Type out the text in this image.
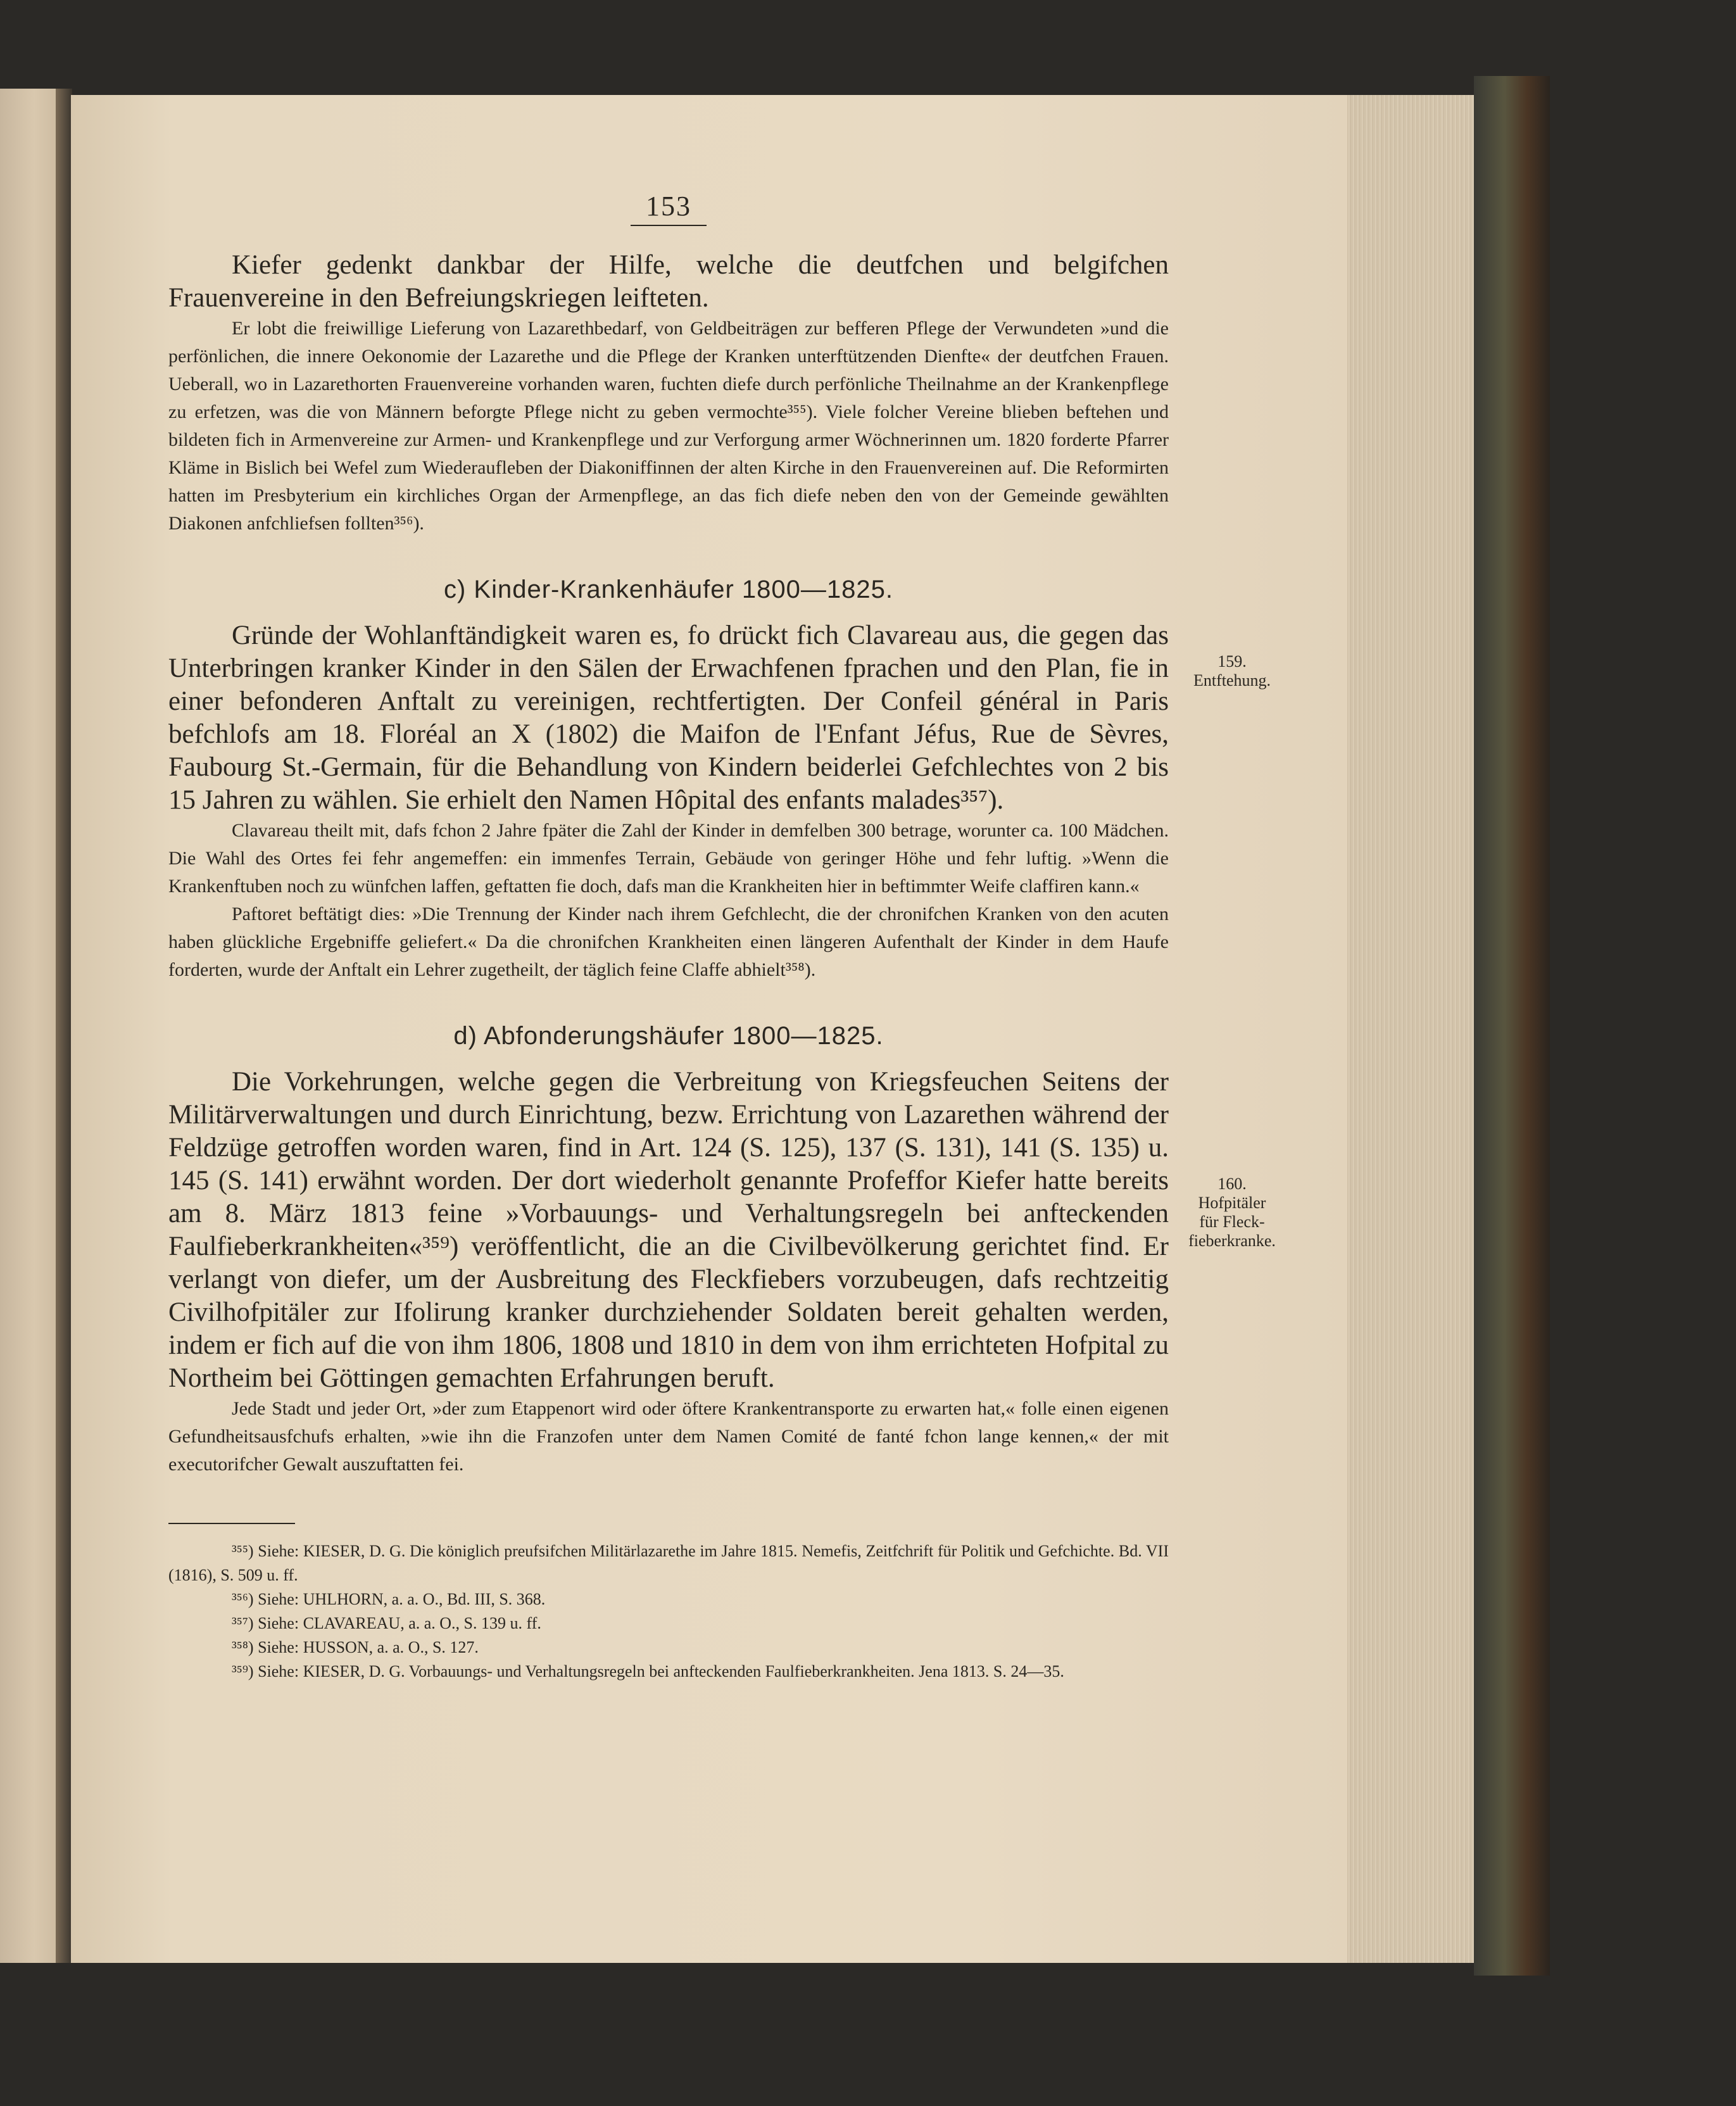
153

Kiefer gedenkt dankbar der Hilfe, welche die deutfchen und belgifchen Frauenvereine in den Befreiungskriegen leifteten.

Er lobt die freiwillige Lieferung von Lazarethbedarf, von Geldbeiträgen zur befferen Pflege der Verwundeten »und die perfönlichen, die innere Oekonomie der Lazarethe und die Pflege der Kranken unterftützenden Dienfte« der deutfchen Frauen. Ueberall, wo in Lazarethorten Frauenvereine vorhanden waren, fuchten diefe durch perfönliche Theilnahme an der Krankenpflege zu erfetzen, was die von Männern beforgte Pflege nicht zu geben vermochte³⁵⁵). Viele folcher Vereine blieben beftehen und bildeten fich in Armenvereine zur Armen- und Krankenpflege und zur Verforgung armer Wöchnerinnen um. 1820 forderte Pfarrer Kläme in Bislich bei Wefel zum Wiederaufleben der Diakoniffinnen der alten Kirche in den Frauenvereinen auf. Die Reformirten hatten im Presbyterium ein kirchliches Organ der Armenpflege, an das fich diefe neben den von der Gemeinde gewählten Diakonen anfchliefsen follten³⁵⁶).

c) Kinder-Krankenhäufer 1800—1825.

Gründe der Wohlanftändigkeit waren es, fo drückt fich Clavareau aus, die gegen das Unterbringen kranker Kinder in den Sälen der Erwachfenen fprachen und den Plan, fie in einer befonderen Anftalt zu vereinigen, rechtfertigten. Der Confeil général in Paris befchlofs am 18. Floréal an X (1802) die Maifon de l'Enfant Jéfus, Rue de Sèvres, Faubourg St.-Germain, für die Behandlung von Kindern beiderlei Gefchlechtes von 2 bis 15 Jahren zu wählen. Sie erhielt den Namen Hôpital des enfants malades³⁵⁷).

Clavareau theilt mit, dafs fchon 2 Jahre fpäter die Zahl der Kinder in demfelben 300 betrage, worunter ca. 100 Mädchen. Die Wahl des Ortes fei fehr angemeffen: ein immenfes Terrain, Gebäude von geringer Höhe und fehr luftig. »Wenn die Krankenftuben noch zu wünfchen laffen, geftatten fie doch, dafs man die Krankheiten hier in beftimmter Weife claffiren kann.«

Paftoret beftätigt dies: »Die Trennung der Kinder nach ihrem Gefchlecht, die der chronifchen Kranken von den acuten haben glückliche Ergebniffe geliefert.« Da die chronifchen Krankheiten einen längeren Aufenthalt der Kinder in dem Haufe forderten, wurde der Anftalt ein Lehrer zugetheilt, der täglich feine Claffe abhielt³⁵⁸).

d) Abfonderungshäufer 1800—1825.

Die Vorkehrungen, welche gegen die Verbreitung von Kriegsfeuchen Seitens der Militärverwaltungen und durch Einrichtung, bezw. Errichtung von Lazarethen während der Feldzüge getroffen worden waren, find in Art. 124 (S. 125), 137 (S. 131), 141 (S. 135) u. 145 (S. 141) erwähnt worden. Der dort wiederholt genannte Profeffor Kiefer hatte bereits am 8. März 1813 feine »Vorbauungs- und Verhaltungsregeln bei anfteckenden Faulfieberkrankheiten«³⁵⁹) veröffentlicht, die an die Civilbevölkerung gerichtet find. Er verlangt von diefer, um der Ausbreitung des Fleckfiebers vorzubeugen, dafs rechtzeitig Civilhofpitäler zur Ifolirung kranker durchziehender Soldaten bereit gehalten werden, indem er fich auf die von ihm 1806, 1808 und 1810 in dem von ihm errichteten Hofpital zu Northeim bei Göttingen gemachten Erfahrungen beruft.

Jede Stadt und jeder Ort, »der zum Etappenort wird oder öftere Krankentransporte zu erwarten hat,« folle einen eigenen Gefundheitsausfchufs erhalten, »wie ihn die Franzofen unter dem Namen Comité de fanté fchon lange kennen,« der mit executorifcher Gewalt auszuftatten fei.

³⁵⁵) Siehe: KIESER, D. G. Die königlich preufsifchen Militärlazarethe im Jahre 1815. Nemefis, Zeitfchrift für Politik und Gefchichte. Bd. VII (1816), S. 509 u. ff.

³⁵⁶) Siehe: UHLHORN, a. a. O., Bd. III, S. 368.

³⁵⁷) Siehe: CLAVAREAU, a. a. O., S. 139 u. ff.

³⁵⁸) Siehe: HUSSON, a. a. O., S. 127.

³⁵⁹) Siehe: KIESER, D. G. Vorbauungs- und Verhaltungsregeln bei anfteckenden Faulfieberkrankheiten. Jena 1813. S. 24—35.

159.
Entftehung.
160.
Hofpitäler
für Fleck-
fieberkranke.
